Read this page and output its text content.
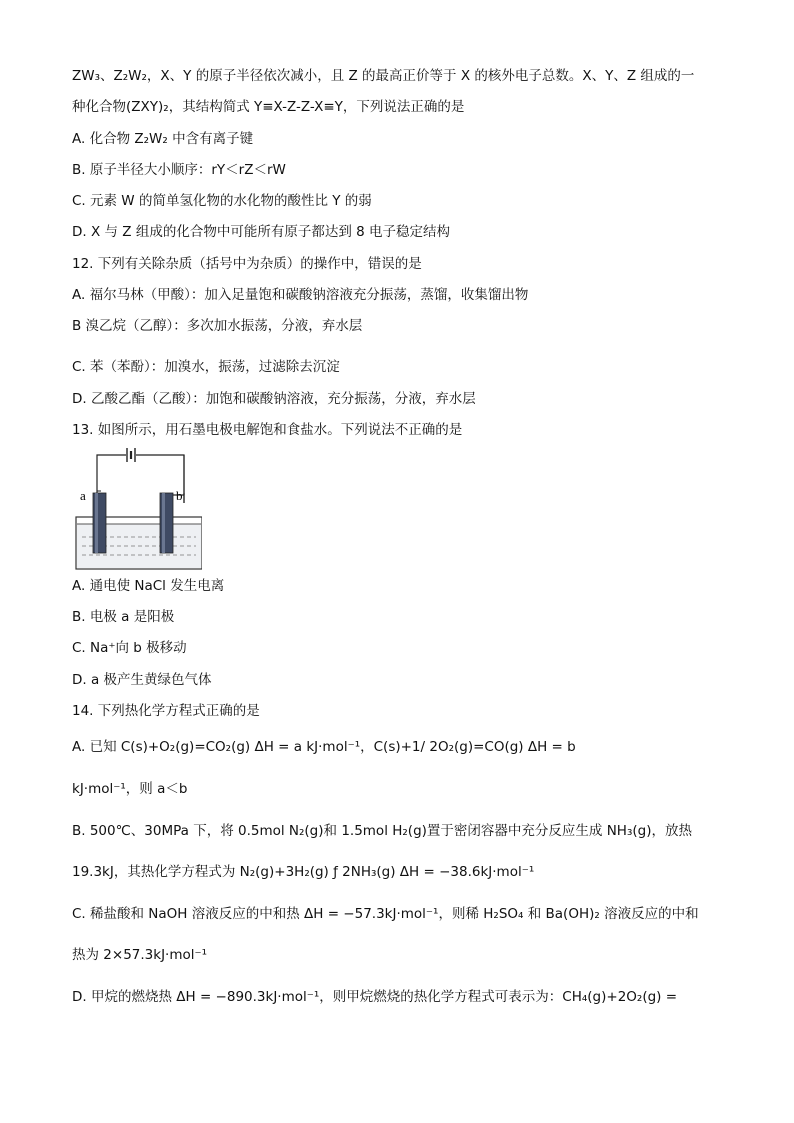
ZW₃、Z₂W₂，X、Y 的原子半径依次减小，且 Z 的最高正价等于 X 的核外电子总数。X、Y、Z 组成的一
种化合物(ZXY)₂，其结构简式 Y≡X-Z-Z-X≡Y，下列说法正确的是
A. 化合物 Z₂W₂ 中含有离子键
B. 原子半径大小顺序：rY＜rZ＜rW
C. 元素 W 的简单氢化物的水化物的酸性比 Y 的弱
D. X 与 Z 组成的化合物中可能所有原子都达到 8 电子稳定结构
12. 下列有关除杂质（括号中为杂质）的操作中，错误的是
A. 福尔马林（甲酸）：加入足量饱和碳酸钠溶液充分振荡，蒸馏，收集馏出物
B 溴乙烷（乙醇）：多次加水振荡，分液，弃水层
C. 苯（苯酚）：加溴水，振荡，过滤除去沉淀
D. 乙酸乙酯（乙酸）：加饱和碳酸钠溶液，充分振荡，分液，弃水层
13. 如图所示，用石墨电极电解饱和食盐水。下列说法不正确的是
a	b
A. 通电使 NaCl 发生电离
B. 电极 a 是阳极
C. Na⁺向 b 极移动
D. a 极产生黄绿色气体
14. 下列热化学方程式正确的是
A. 已知 C(s)+O₂(g)=CO₂(g) ΔH = a kJ·mol⁻¹，C(s)+1/ 2O₂(g)=CO(g) ΔH = b
kJ·mol⁻¹，则 a＜b
B. 500℃、30MPa 下，将 0.5mol N₂(g)和 1.5mol H₂(g)置于密闭容器中充分反应生成 NH₃(g)，放热
19.3kJ，其热化学方程式为 N₂(g)+3H₂(g) ƒ 2NH₃(g) ΔH = −38.6kJ·mol⁻¹
C. 稀盐酸和 NaOH 溶液反应的中和热 ΔH = −57.3kJ·mol⁻¹，则稀 H₂SO₄ 和 Ba(OH)₂ 溶液反应的中和
热为 2×57.3kJ·mol⁻¹
D. 甲烷的燃烧热 ΔH = −890.3kJ·mol⁻¹，则甲烷燃烧的热化学方程式可表示为：CH₄(g)+2O₂(g) =
